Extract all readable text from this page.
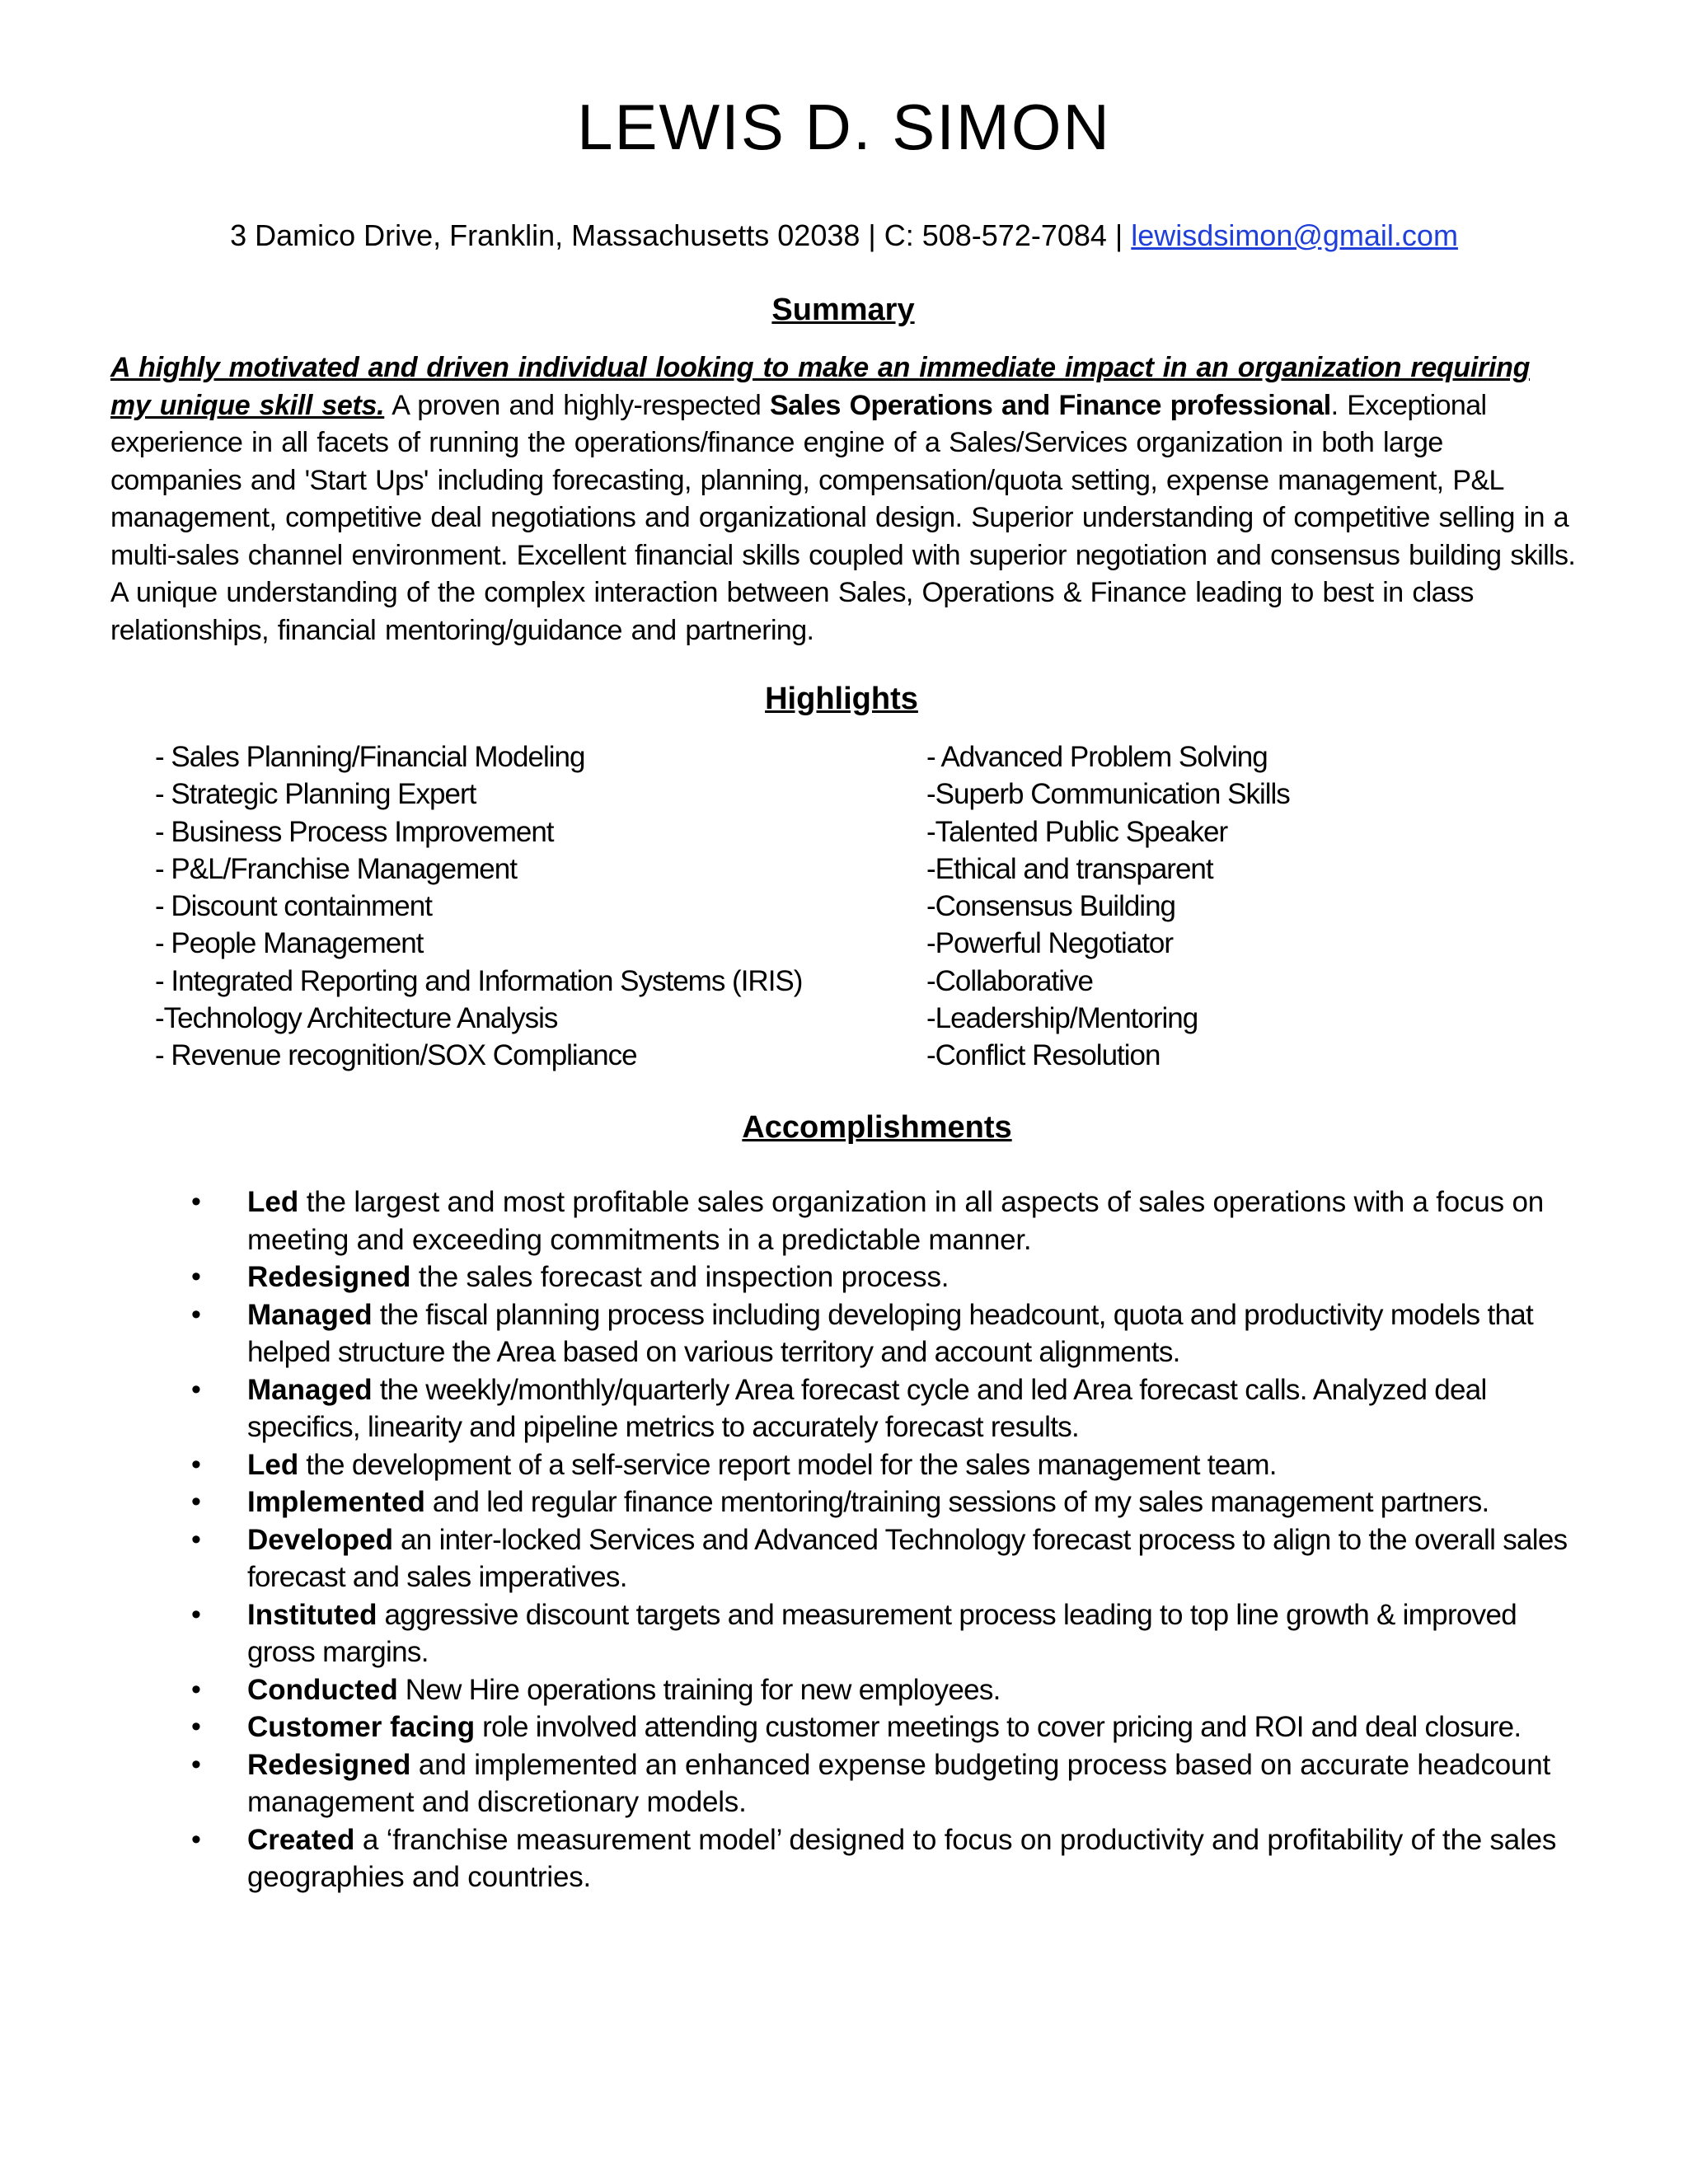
LEWIS D. SIMON
3 Damico Drive, Franklin, Massachusetts 02038 | C: 508-572-7084 | lewisdsimon@gmail.com
Summary

A highly motivated and driven individual looking to make an immediate impact in an organization requiring my unique skill sets. A proven and highly-respected Sales Operations and Finance professional. Exceptional experience in all facets of running the operations/finance engine of a Sales/Services organization in both large companies and 'Start Ups' including forecasting, planning, compensation/quota setting, expense management, P&L management, competitive deal negotiations and organizational design. Superior understanding of competitive selling in a multi-sales channel environment. Excellent financial skills coupled with superior negotiation and consensus building skills. A unique understanding of the complex interaction between Sales, Operations & Finance leading to best in class relationships, financial mentoring/guidance and partnering.

Highlights
- Sales Planning/Financial Modeling
- Strategic Planning Expert
- Business Process Improvement
- P&L/Franchise Management
- Discount containment
- People Management
- Integrated Reporting and Information Systems (IRIS)
-Technology Architecture Analysis
- Revenue recognition/SOX Compliance
- Advanced Problem Solving
-Superb Communication Skills
-Talented Public Speaker
-Ethical and transparent
-Consensus Building
-Powerful Negotiator
-Collaborative
-Leadership/Mentoring
-Conflict Resolution
Accomplishments
•	Led the largest and most profitable sales organization in all aspects of sales operations with a focus on meeting and exceeding commitments in a predictable manner.
•	Redesigned the sales forecast and inspection process.
•	Managed the fiscal planning process including developing headcount, quota and productivity models that helped structure the Area based on various territory and account alignments.
•	Managed the weekly/monthly/quarterly Area forecast cycle and led Area forecast calls. Analyzed deal specifics, linearity and pipeline metrics to accurately forecast results.
•	Led the development of a self-service report model for the sales management team.
•	Implemented and led regular finance mentoring/training sessions of my sales management partners.
•	Developed an inter-locked Services and Advanced Technology forecast process to align to the overall sales forecast and sales imperatives.
•	Instituted aggressive discount targets and measurement process leading to top line growth & improved gross margins.
•	Conducted New Hire operations training for new employees.
•	Customer facing role involved attending customer meetings to cover pricing and ROI and deal closure.
•	Redesigned and implemented an enhanced expense budgeting process based on accurate headcount management and discretionary models.
•	Created a ‘franchise measurement model’ designed to focus on productivity and profitability of the sales geographies and countries.
